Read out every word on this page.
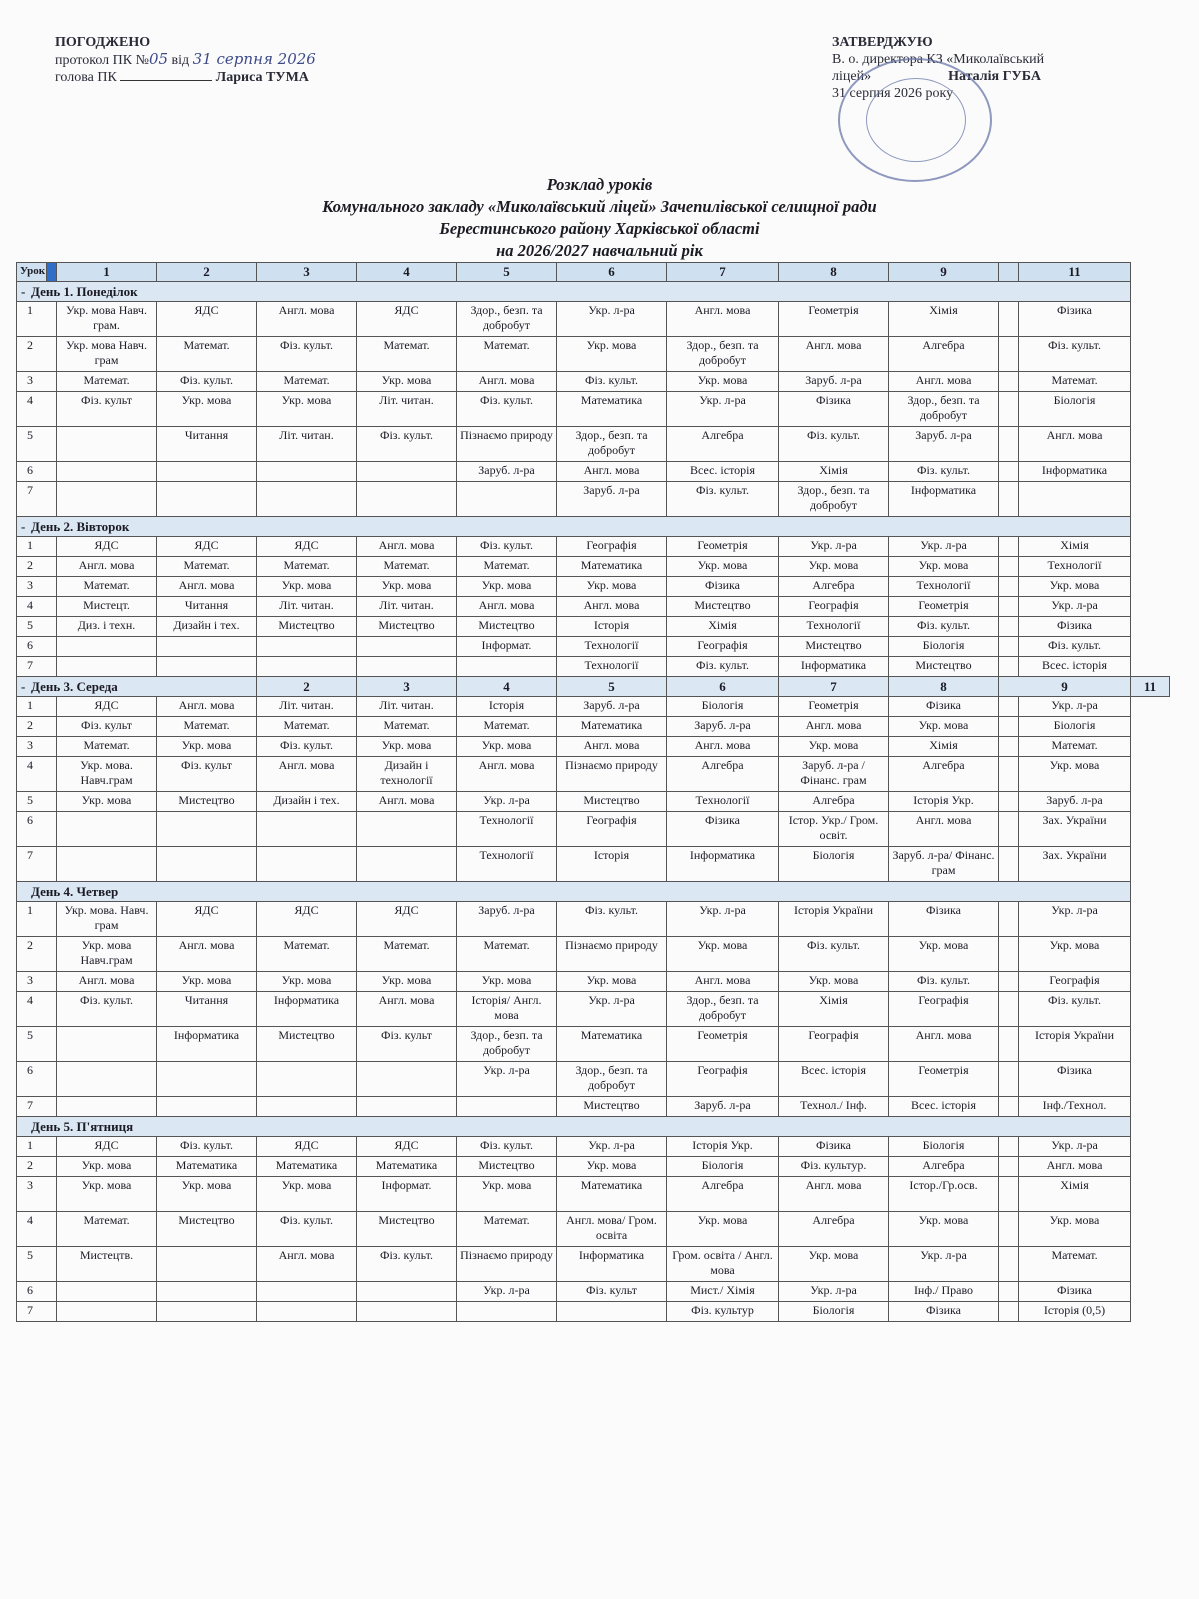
ПОГОДЖЕНО
протокол ПК №05 від 31 серпня 2026
голова ПК	Лариса ТУМА
ЗАТВЕРДЖУЮ
В. о. директора КЗ «Миколаївський
ліцей»	Наталія ГУБА
31 серпня 2026 року
Розклад уроків
Комунального закладу «Миколаївський ліцей» Зачепилівської селищної ради
Берестинського району Харківської області
на 2026/2027 навчальний рік
Урок		1	2	3	4	5	6	7	8	9		11	
- День 1. Понеділок													
1		Укр. мова Навч. грам.	ЯДС	Англ. мова	ЯДС	Здор., безп. та добробут	Укр. л-ра	Англ. мова	Геометрія	Хімія		Фізика	
2		Укр. мова Навч. грам	Математ.	Фіз. культ.	Математ.	Математ.	Укр. мова	Здор., безп. та добробут	Англ. мова	Алгебра		Фіз. культ.	
3		Математ.	Фіз. культ.	Математ.	Укр. мова	Англ. мова	Фіз. культ.	Укр. мова	Заруб. л-ра	Англ. мова		Математ.	
4		Фіз. культ	Укр. мова	Укр. мова	Літ. читан.	Фіз. культ.	Математика	Укр. л-ра	Фізика	Здор., безп. та добробут		Біологія	
5			Читання	Літ. читан.	Фіз. культ.	Пізнаємо природу	Здор., безп. та добробут	Алгебра	Фіз. культ.	Заруб. л-ра		Англ. мова	
6						Заруб. л-ра	Англ. мова	Всес. історія	Хімія	Фіз. культ.		Інформатика	
7							Заруб. л-ра	Фіз. культ.	Здор., безп. та добробут	Інформатика			
- День 2. Вівторок													
1		ЯДС	ЯДС	ЯДС	Англ. мова	Фіз. культ.	Географія	Геометрія	Укр. л-ра	Укр. л-ра		Хімія	
2		Англ. мова	Математ.	Математ.	Математ.	Математ.	Математика	Укр. мова	Укр. мова	Укр. мова		Технології	
3		Математ.	Англ. мова	Укр. мова	Укр. мова	Укр. мова	Укр. мова	Фізика	Алгебра	Технології		Укр. мова	
4		Мистецт.	Читання	Літ. читан.	Літ. читан.	Англ. мова	Англ. мова	Мистецтво	Географія	Геометрія		Укр. л-ра	
5		Диз. і техн.	Дизайн і тех.	Мистецтво	Мистецтво	Мистецтво	Історія	Хімія	Технології	Фіз. культ.		Фізика	
6						Інформат.	Технології	Географія	Мистецтво	Біологія		Фіз. культ.	
7							Технології	Фіз. культ.	Інформатика	Мистецтво		Всес. історія	
- День 3. Середа				2	3	4	5	6	7	8	9		11
1		ЯДС	Англ. мова	Літ. читан.	Літ. читан.	Історія	Заруб. л-ра	Біологія	Геометрія	Фізика		Укр. л-ра	
2		Фіз. культ	Математ.	Математ.	Математ.	Математ.	Математика	Заруб. л-ра	Англ. мова	Укр. мова		Біологія	
3		Математ.	Укр. мова	Фіз. культ.	Укр. мова	Укр. мова	Англ. мова	Англ. мова	Укр. мова	Хімія		Математ.	
4		Укр. мова. Навч.грам	Фіз. культ	Англ. мова	Дизайн і технології	Англ. мова	Пізнаємо природу	Алгебра	Заруб. л-ра / Фінанс. грам	Алгебра		Укр. мова	
5		Укр. мова	Мистецтво	Дизайн і тех.	Англ. мова	Укр. л-ра	Мистецтво	Технології	Алгебра	Історія Укр.		Заруб. л-ра	
6						Технології	Географія	Фізика	Істор. Укр./ Гром. освіт.	Англ. мова		Зах. України	
7						Технології	Історія	Інформатика	Біологія	Заруб. л-ра/ Фінанс. грам		Зах. України	
День 4. Четвер													
1		Укр. мова. Навч. грам	ЯДС	ЯДС	ЯДС	Заруб. л-ра	Фіз. культ.	Укр. л-ра	Історія України	Фізика		Укр. л-ра	
2		Укр. мова Навч.грам	Англ. мова	Математ.	Математ.	Математ.	Пізнаємо природу	Укр. мова	Фіз. культ.	Укр. мова		Укр. мова	
3		Англ. мова	Укр. мова	Укр. мова	Укр. мова	Укр. мова	Укр. мова	Англ. мова	Укр. мова	Фіз. культ.		Географія	
4		Фіз. культ.	Читання	Інформатика	Англ. мова	Історія/ Англ. мова	Укр. л-ра	Здор., безп. та добробут	Хімія	Географія		Фіз. культ.	
5			Інформатика	Мистецтво	Фіз. культ	Здор., безп. та добробут	Математика	Геометрія	Географія	Англ. мова		Історія України	
6						Укр. л-ра	Здор., безп. та добробут	Географія	Всес. історія	Геометрія		Фізика	
7							Мистецтво	Заруб. л-ра	Технол./ Інф.	Всес. історія		Інф./Технол.	
День 5. П'ятниця													
1		ЯДС	Фіз. культ.	ЯДС	ЯДС	Фіз. культ.	Укр. л-ра	Історія Укр.	Фізика	Біологія		Укр. л-ра	
2		Укр. мова	Математика	Математика	Математика	Мистецтво	Укр. мова	Біологія	Фіз. культур.	Алгебра		Англ. мова	
3		Укр. мова	Укр. мова	Укр. мова	Інформат.	Укр. мова	Математика	Алгебра	Англ. мова	Істор./Гр.осв.		Хімія	
4		Математ.	Мистецтво	Фіз. культ.	Мистецтво	Математ.	Англ. мова/ Гром. освіта	Укр. мова	Алгебра	Укр. мова		Укр. мова	
5		Мистецтв.		Англ. мова	Фіз. культ.	Пізнаємо природу	Інформатика	Гром. освіта / Англ. мова	Укр. мова	Укр. л-ра		Математ.	
6						Укр. л-ра	Фіз. культ	Мист./ Хімія	Укр. л-ра	Інф./ Право		Фізика	
7								Фіз. культур	Біологія	Фізика		Історія (0,5)	
